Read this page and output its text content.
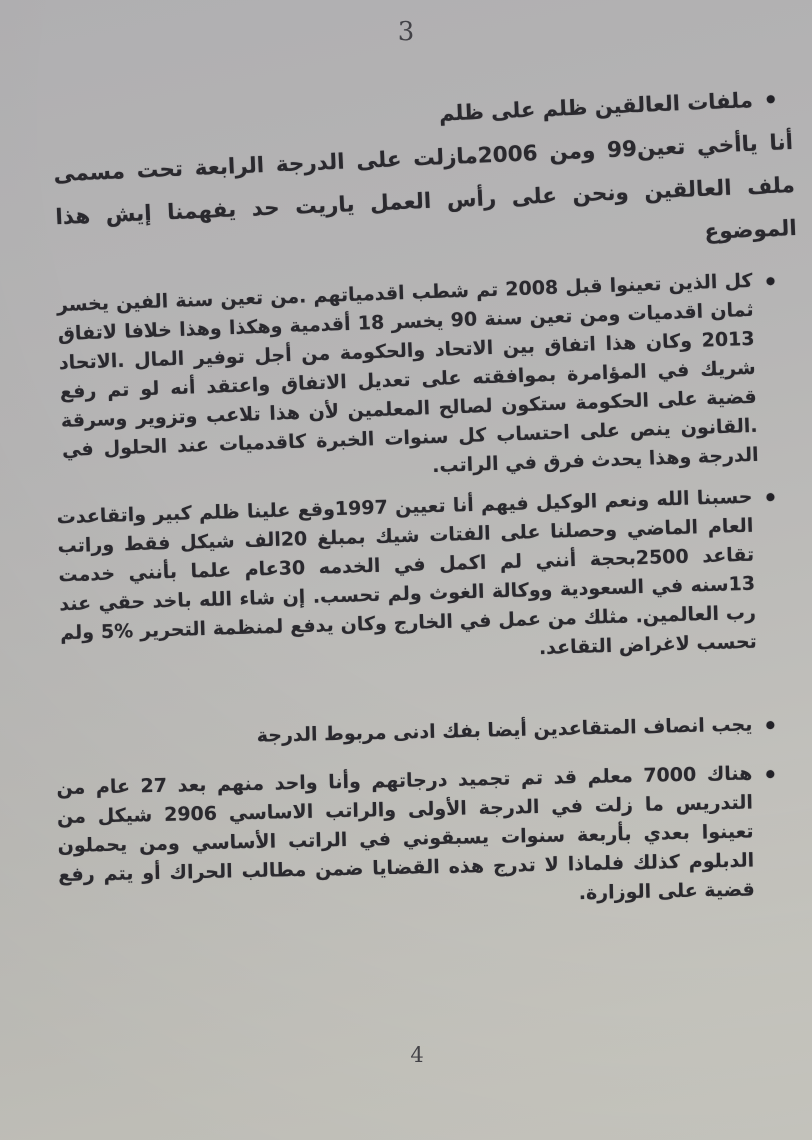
3
ملفات العالقين ظلم على ظلم
أنا ياأخي تعين99 ومن 2006مازلت على الدرجة الرابعة تحت مسمى ملف العالقين ونحن على رأس العمل ياريت حد يفهمنا إيش هذا الموضوع

كل الذين تعينوا قبل 2008 تم شطب اقدمياتهم .من تعين سنة الفين يخسر ثمان اقدميات ومن تعين سنة 90 يخسر 18 أقدمية وهكذا وهذا خلافا لاتفاق 2013 وكان هذا اتفاق بين الاتحاد والحكومة من أجل توفير المال .الاتحاد شريك في المؤامرة بموافقته على تعديل الاتفاق واعتقد أنه لو تم رفع قضية على الحكومة ستكون لصالح المعلمين لأن هذا تلاعب وتزوير وسرقة .القانون ينص على احتساب كل سنوات الخبرة كاقدميات عند الحلول في الدرجة وهذا يحدث فرق في الراتب.

حسبنا الله ونعم الوكيل فيهم أنا تعيين 1997وقع علينا ظلم كبير واتقاعدت العام الماضي وحصلنا على الفتات شيك بمبلغ 20الف شيكل فقط وراتب تقاعد 2500بحجة أنني لم اكمل في الخدمه 30عام علما بأنني خدمت 13سنه في السعودية ووكالة الغوث ولم تحسب. إن شاء الله باخد حقي عند رب العالمين. مثلك من عمل في الخارج وكان يدفع لمنظمة التحرير %5 ولم تحسب لاغراض التقاعد.

يجب انصاف المتقاعدين أيضا بفك ادنى مربوط الدرجة

هناك 7000 معلم قد تم تجميد درجاتهم وأنا واحد منهم بعد 27 عام من التدريس ما زلت في الدرجة الأولى والراتب الاساسي 2906 شيكل من تعينوا بعدي بأربعة سنوات يسبقوني في الراتب الأساسي ومن يحملون الدبلوم كذلك فلماذا لا تدرج هذه القضايا ضمن مطالب الحراك أو يتم رفع قضية على الوزارة.

4
